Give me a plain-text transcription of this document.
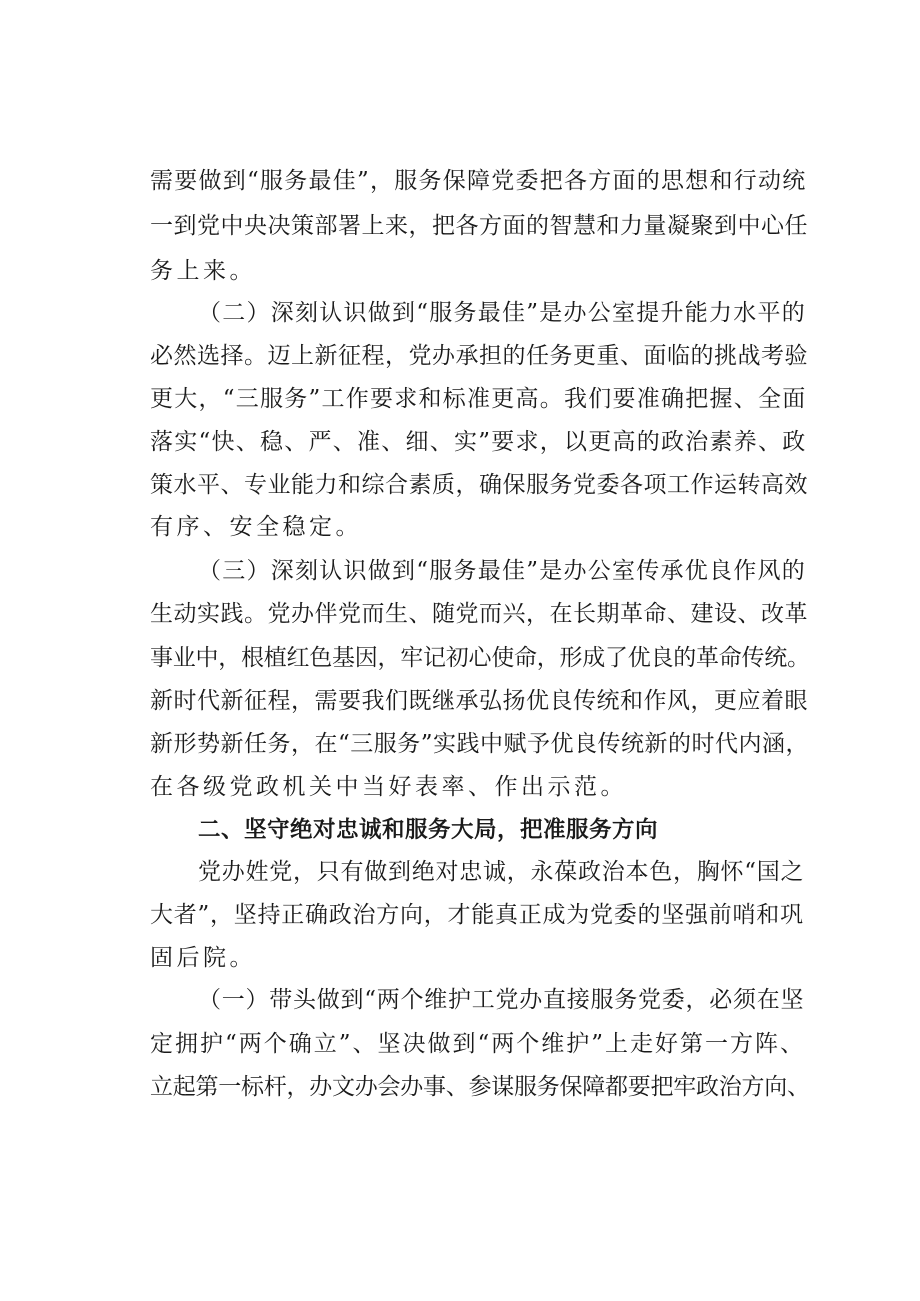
需要做到“服务最佳”，服务保障党委把各方面的思想和行动统
一到党中央决策部署上来，把各方面的智慧和力量凝聚到中心任
务上来。
（二）深刻认识做到“服务最佳”是办公室提升能力水平的
必然选择。迈上新征程，党办承担的任务更重、面临的挑战考验
更大，“三服务”工作要求和标准更高。我们要准确把握、全面
落实“快、稳、严、准、细、实”要求，以更高的政治素养、政
策水平、专业能力和综合素质，确保服务党委各项工作运转高效
有序、安全稳定。
（三）深刻认识做到“服务最佳”是办公室传承优良作风的
生动实践。党办伴党而生、随党而兴，在长期革命、建设、改革
事业中，根植红色基因，牢记初心使命，形成了优良的革命传统。
新时代新征程，需要我们既继承弘扬优良传统和作风，更应着眼
新形势新任务，在“三服务”实践中赋予优良传统新的时代内涵，
在各级党政机关中当好表率、作出示范。
二、坚守绝对忠诚和服务大局，把准服务方向
党办姓党，只有做到绝对忠诚，永葆政治本色，胸怀“国之
大者”，坚持正确政治方向，才能真正成为党委的坚强前哨和巩
固后院。
（一）带头做到“两个维护工党办直接服务党委，必须在坚
定拥护“两个确立”、坚决做到“两个维护”上走好第一方阵、
立起第一标杆，办文办会办事、参谋服务保障都要把牢政治方向、
